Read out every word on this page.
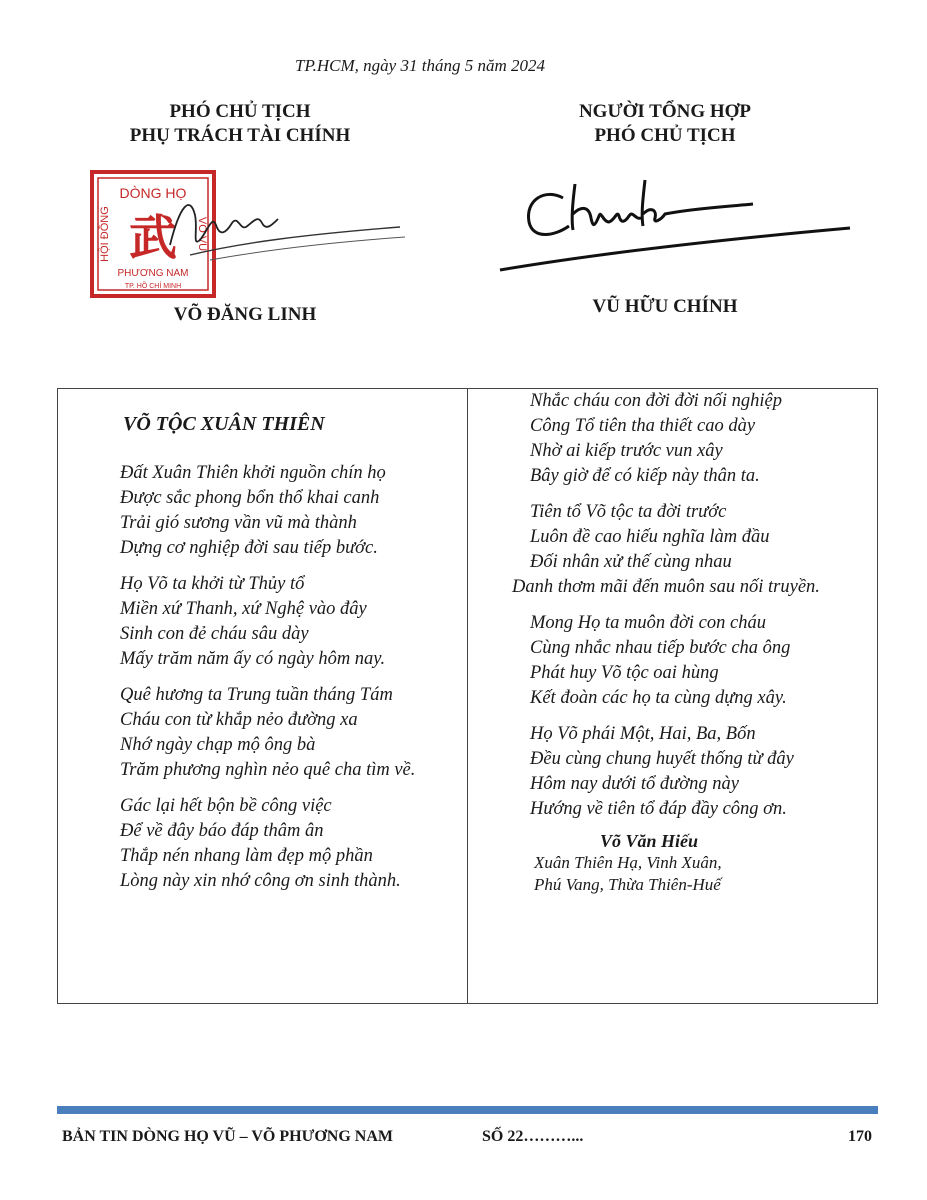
TP.HCM, ngày 31 tháng 5 năm 2024
PHÓ CHỦ TỊCH
PHỤ TRÁCH TÀI CHÍNH
NGƯỜI TỔNG HỢP
PHÓ CHỦ TỊCH
DÒNG HỌ
HỘI ĐỒNG	VÕ VŨ
武
PHƯƠNG NAM
TP. HỒ CHÍ MINH
VÕ ĐĂNG LINH	VŨ HỮU CHÍNH
VÕ TỘC XUÂN THIÊN
Đất Xuân Thiên khởi nguồn chín họ
Được sắc phong bổn thổ khai canh
Trải gió sương vần vũ mà thành
Dựng cơ nghiệp đời sau tiếp bước.
Họ Võ ta khởi từ Thủy tổ
Miền xứ Thanh, xứ Nghệ vào đây
Sinh con đẻ cháu sâu dày
Mấy trăm năm ấy có ngày hôm nay.
Quê hương ta Trung tuần tháng Tám
Cháu con từ khắp nẻo đường xa
Nhớ ngày chạp mộ ông bà
Trăm phương nghìn nẻo quê cha tìm về.
Gác lại hết bộn bề công việc
Để về đây báo đáp thâm ân
Thắp nén nhang làm đẹp mộ phần
Lòng này xin nhớ công ơn sinh thành.
Nhắc cháu con đời đời nối nghiệp
Công Tổ tiên tha thiết cao dày
Nhờ ai kiếp trước vun xây
Bây giờ để có kiếp này thân ta.
Tiên tổ Võ tộc ta đời trước
Luôn đề cao hiếu nghĩa làm đầu
Đối nhân xử thế cùng nhau
Danh thơm mãi đến muôn sau nối truyền.
Mong Họ ta muôn đời con cháu
Cùng nhắc nhau tiếp bước cha ông
Phát huy Võ tộc oai hùng
Kết đoàn các họ ta cùng dựng xây.
Họ Võ phái Một, Hai, Ba, Bốn
Đều cùng chung huyết thống từ đây
Hôm nay dưới tổ đường này
Hướng về tiên tổ đáp đầy công ơn.
Võ Văn Hiếu
Xuân Thiên Hạ, Vinh Xuân,
Phú Vang, Thừa Thiên-Huế
BẢN TIN DÒNG HỌ VŨ – VÕ PHƯƠNG NAM	SỐ 22………...	170
